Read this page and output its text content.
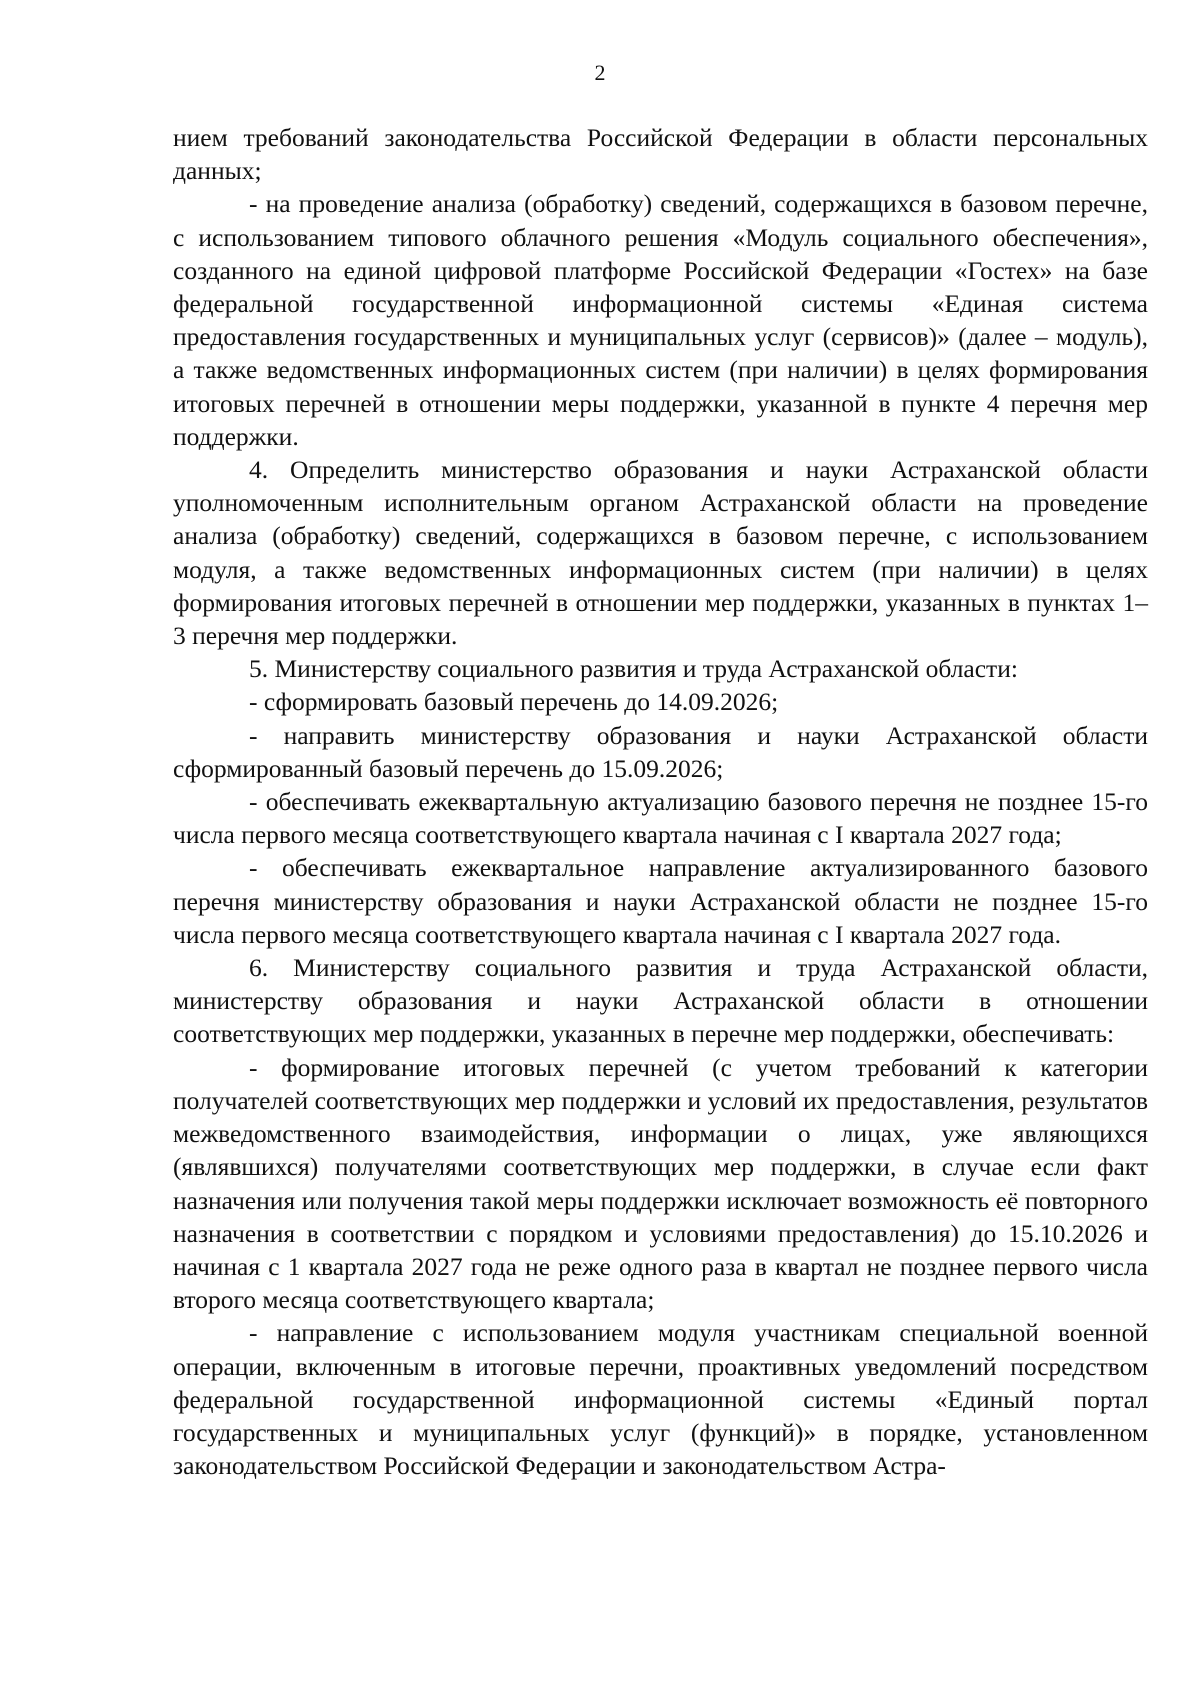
2

нием требований законодательства Российской Федерации в области персональных данных;

- на проведение анализа (обработку) сведений, содержащихся в базовом перечне, с использованием типового облачного решения «Модуль социального обеспечения», созданного на единой цифровой платформе Российской Федерации «Гостех» на базе федеральной государственной информационной системы «Единая система предоставления государственных и муниципальных услуг (сервисов)» (далее – модуль), а также ведомственных информационных систем (при наличии) в целях формирования итоговых перечней в отношении меры поддержки, указанной в пункте 4 перечня мер поддержки.

4. Определить министерство образования и науки Астраханской области уполномоченным исполнительным органом Астраханской области на проведение анализа (обработку) сведений, содержащихся в базовом перечне, с использованием модуля, а также ведомственных информационных систем (при наличии) в целях формирования итоговых перечней в отношении мер поддержки, указанных в пунктах 1–3 перечня мер поддержки.

5. Министерству социального развития и труда Астраханской области:

- сформировать базовый перечень до 14.09.2026;

- направить министерству образования и науки Астраханской области сформированный базовый перечень до 15.09.2026;

- обеспечивать ежеквартальную актуализацию базового перечня не позднее 15-го числа первого месяца соответствующего квартала начиная с I квартала 2027 года;

- обеспечивать ежеквартальное направление актуализированного базового перечня министерству образования и науки Астраханской области не позднее 15-го числа первого месяца соответствующего квартала начиная с I квартала 2027 года.

6. Министерству социального развития и труда Астраханской области, министерству образования и науки Астраханской области в отношении соответствующих мер поддержки, указанных в перечне мер поддержки, обеспечивать:

- формирование итоговых перечней (с учетом требований к категории получателей соответствующих мер поддержки и условий их предоставления, результатов межведомственного взаимодействия, информации о лицах, уже являющихся (являвшихся) получателями соответствующих мер поддержки, в случае если факт назначения или получения такой меры поддержки исключает возможность её повторного назначения в соответствии с порядком и условиями предоставления) до 15.10.2026 и начиная с 1 квартала 2027 года не реже одного раза в квартал не позднее первого числа второго месяца соответствующего квартала;

- направление с использованием модуля участникам специальной военной операции, включенным в итоговые перечни, проактивных уведомлений посредством федеральной государственной информационной системы «Единый портал государственных и муниципальных услуг (функций)» в порядке, установленном законодательством Российской Федерации и законодательством Астра-
